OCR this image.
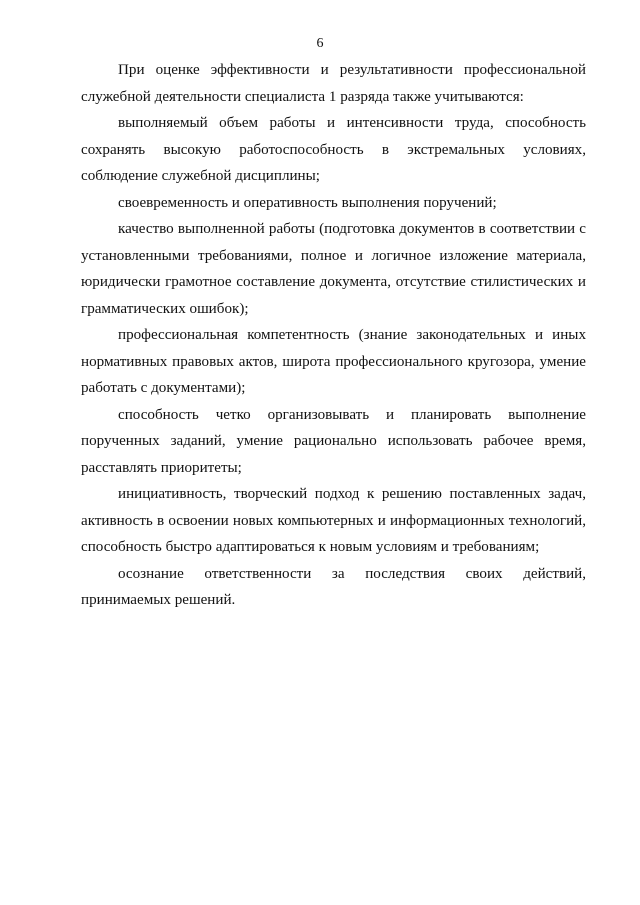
6

При оценке эффективности и результативности профессиональной служебной деятельности специалиста 1 разряда также учитываются:

выполняемый объем работы и интенсивности труда, способность сохранять высокую работоспособность в экстремальных условиях, соблюдение служебной дисциплины;

своевременность и оперативность выполнения поручений;

качество выполненной работы (подготовка документов в соответствии с установленными требованиями, полное и логичное изложение материала, юридически грамотное составление документа, отсутствие стилистических и грамматических ошибок);

профессиональная компетентность (знание законодательных и иных нормативных правовых актов, широта профессионального кругозора, умение работать с документами);

способность четко организовывать и планировать выполнение порученных заданий, умение рационально использовать рабочее время, расставлять приоритеты;

инициативность, творческий подход к решению поставленных задач, активность в освоении новых компьютерных и информационных технологий, способность быстро адаптироваться к новым условиям и требованиям;

осознание ответственности за последствия своих действий, принимаемых решений.
